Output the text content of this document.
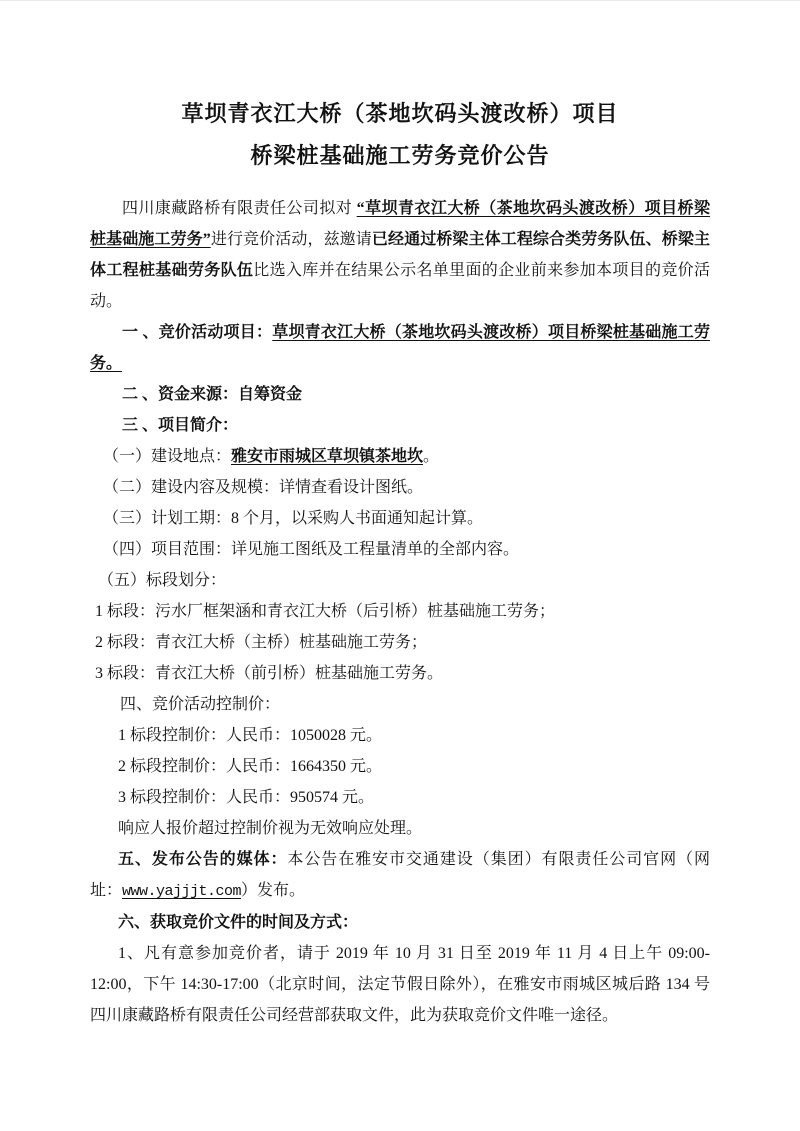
草坝青衣江大桥（茶地坎码头渡改桥）项目
桥梁桩基础施工劳务竞价公告

四川康藏路桥有限责任公司拟对 “草坝青衣江大桥（茶地坎码头渡改桥）项目桥梁桩基础施工劳务”进行竞价活动，兹邀请已经通过桥梁主体工程综合类劳务队伍、桥梁主体工程桩基础劳务队伍比选入库并在结果公示名单里面的企业前来参加本项目的竞价活动。

一 、竞价活动项目：草坝青衣江大桥（茶地坎码头渡改桥）项目桥梁桩基础施工劳务。

二 、资金来源：自筹资金

三 、项目简介：

（一）建设地点：雅安市雨城区草坝镇茶地坎。

（二）建设内容及规模：详情查看设计图纸。

（三）计划工期：8 个月，以采购人书面通知起计算。

（四）项目范围：详见施工图纸及工程量清单的全部内容。

（五）标段划分：

1 标段：污水厂框架涵和青衣江大桥（后引桥）桩基础施工劳务；

2 标段：青衣江大桥（主桥）桩基础施工劳务；

3 标段：青衣江大桥（前引桥）桩基础施工劳务。

四、竞价活动控制价：

1 标段控制价：人民币：1050028 元。

2 标段控制价：人民币：1664350 元。

3 标段控制价：人民币：950574 元。

响应人报价超过控制价视为无效响应处理。

五、发布公告的媒体：本公告在雅安市交通建设（集团）有限责任公司官网（网址：www.yajjjt.com）发布。

六、获取竞价文件的时间及方式：

1、凡有意参加竞价者，请于 2019 年 10 月 31 日至 2019 年 11 月 4 日上午 09:00-12:00，下午 14:30-17:00（北京时间，法定节假日除外），在雅安市雨城区城后路 134 号四川康藏路桥有限责任公司经营部获取文件，此为获取竞价文件唯一途径。
